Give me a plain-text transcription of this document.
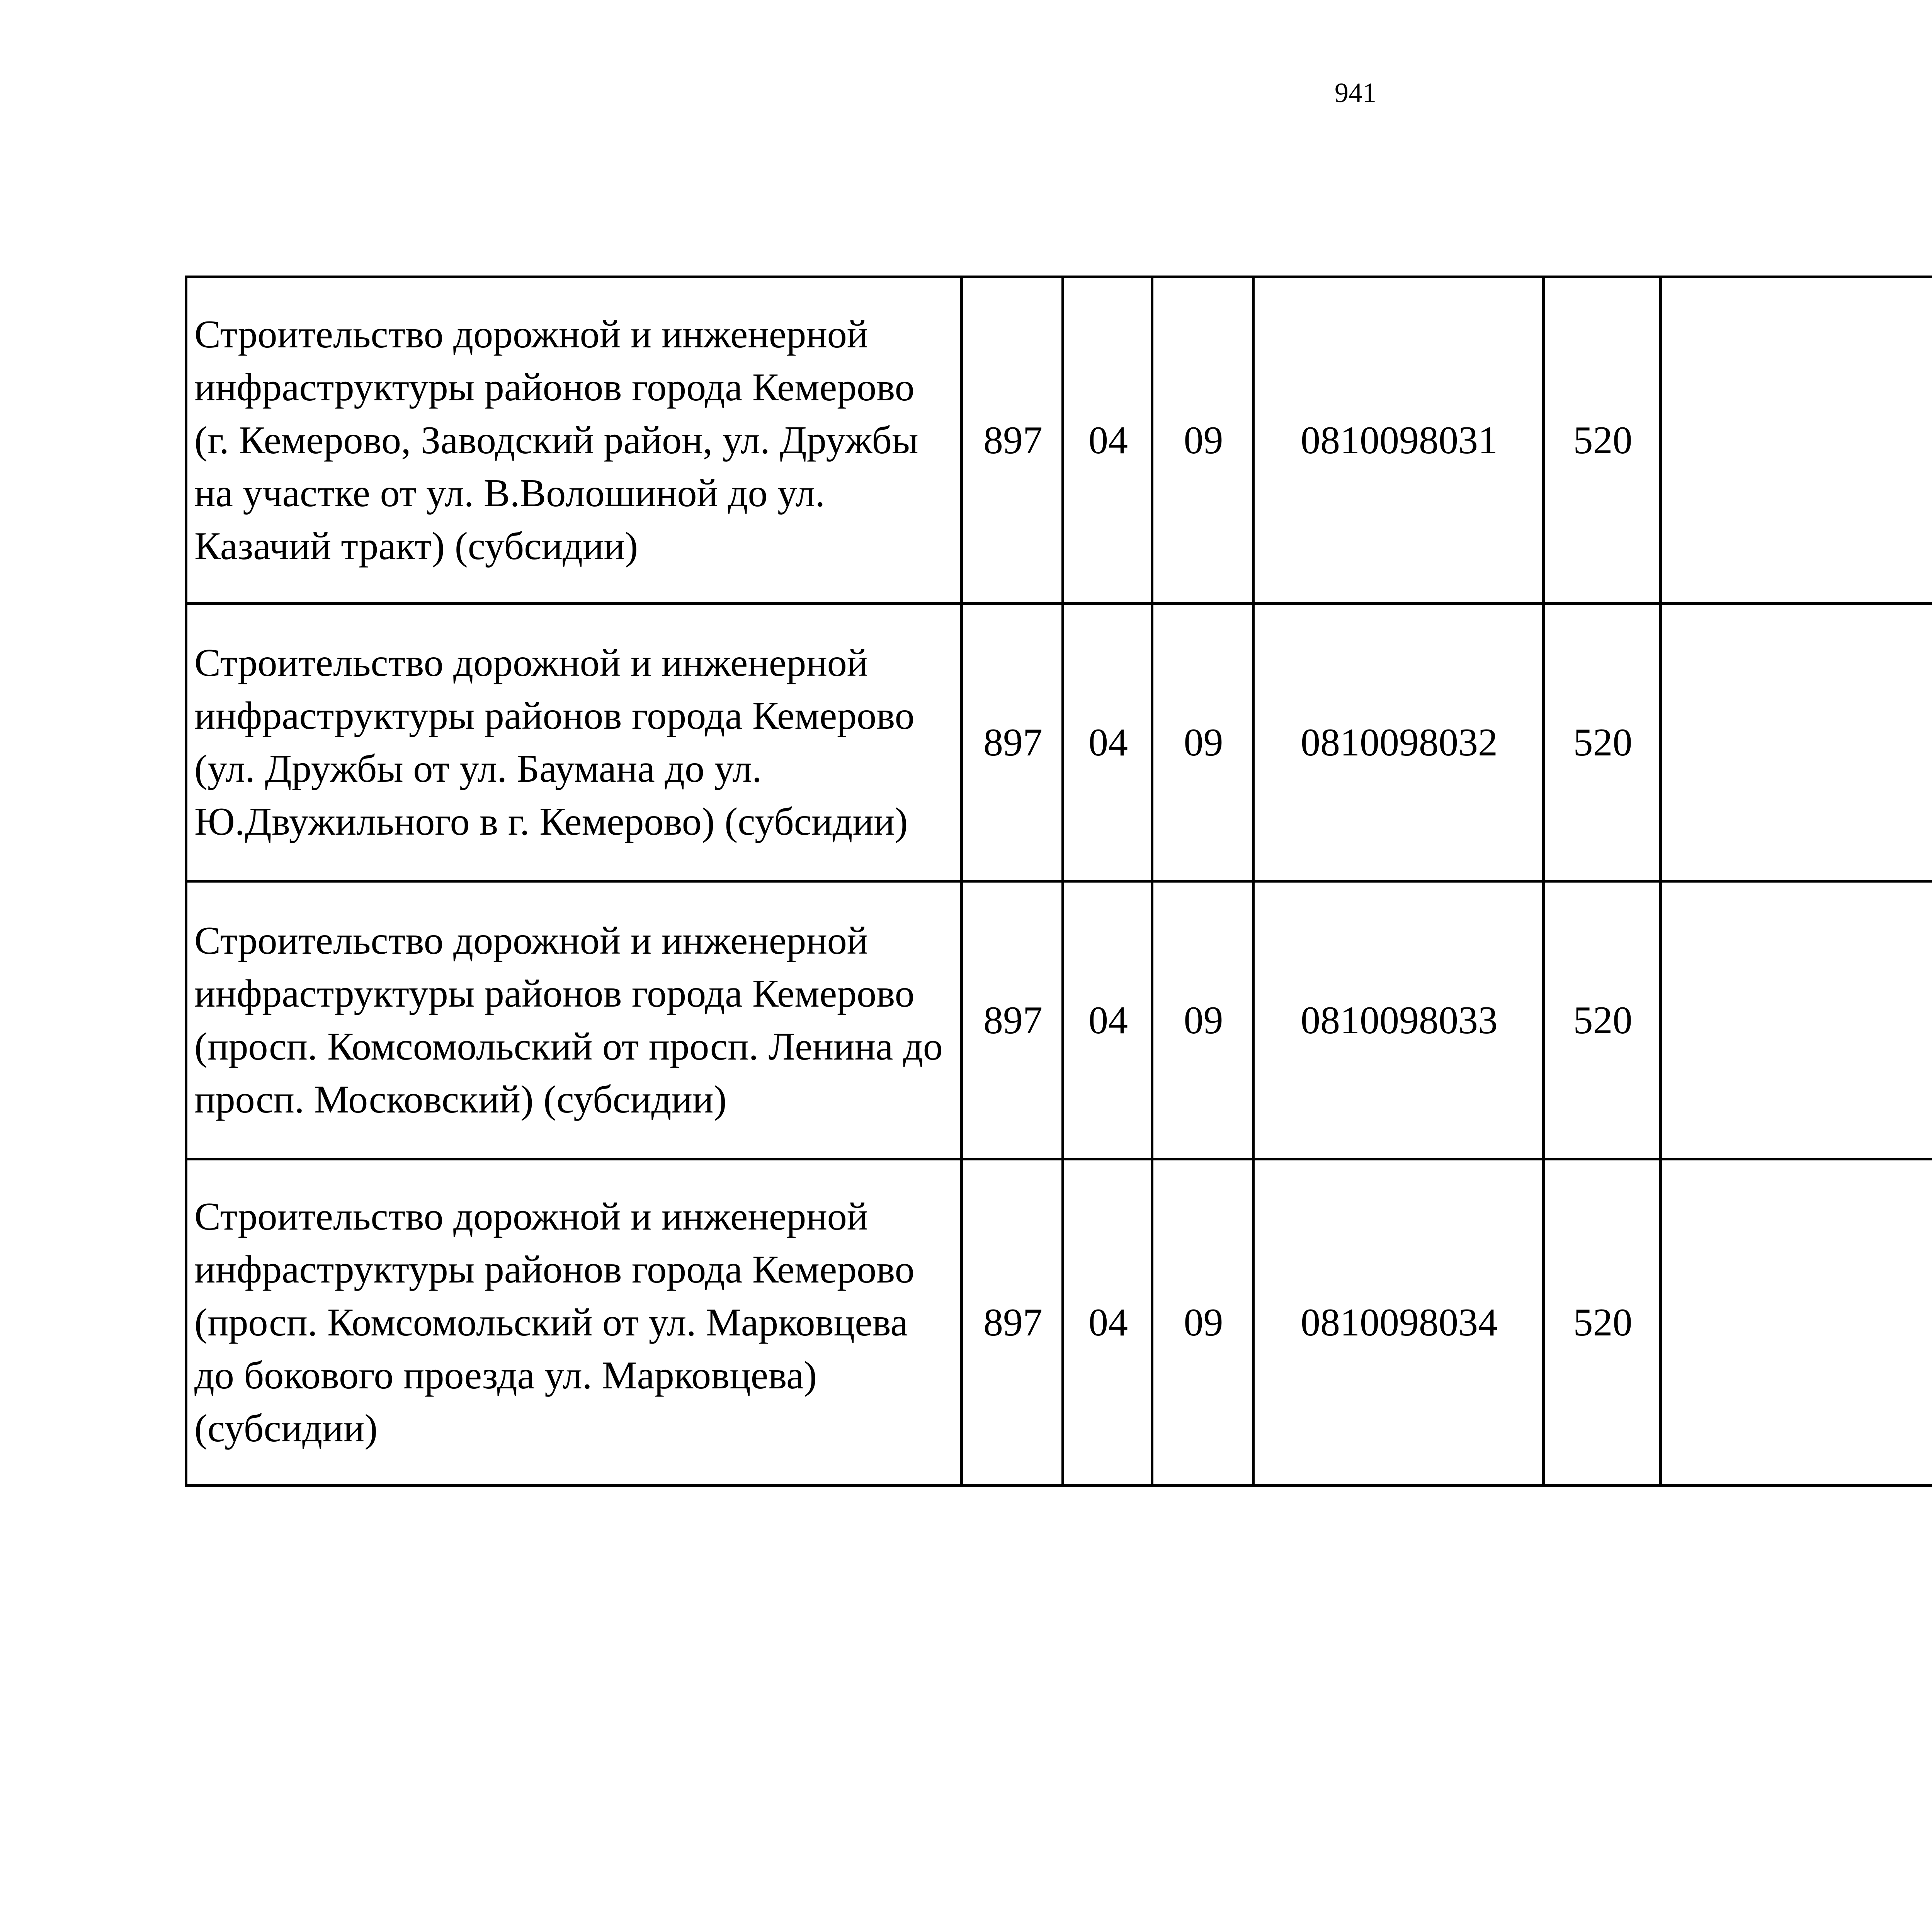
941
Строительство дорожной и инженерной инфраструктуры районов города Кемерово (г. Кемерово, Заводский район, ул. Дружбы на участке от ул. В.Волошиной до ул. Казачий тракт) (субсидии)	897	04	09	0810098031	520			
Строительство дорожной и инженерной инфраструктуры районов города Кемерово (ул. Дружбы от ул. Баумана до ул. Ю.Двужильного в г. Кемерово) (субсидии)	897	04	09	0810098032	520			
Строительство дорожной и инженерной инфраструктуры районов города Кемерово (просп. Комсомольский от просп. Ленина до просп. Московский) (субсидии)	897	04	09	0810098033	520			
Строительство дорожной и инженерной инфраструктуры районов города Кемерово (просп. Комсомольский от ул. Марковцева до бокового проезда ул. Марковцева) (субсидии)	897	04	09	0810098034	520			
